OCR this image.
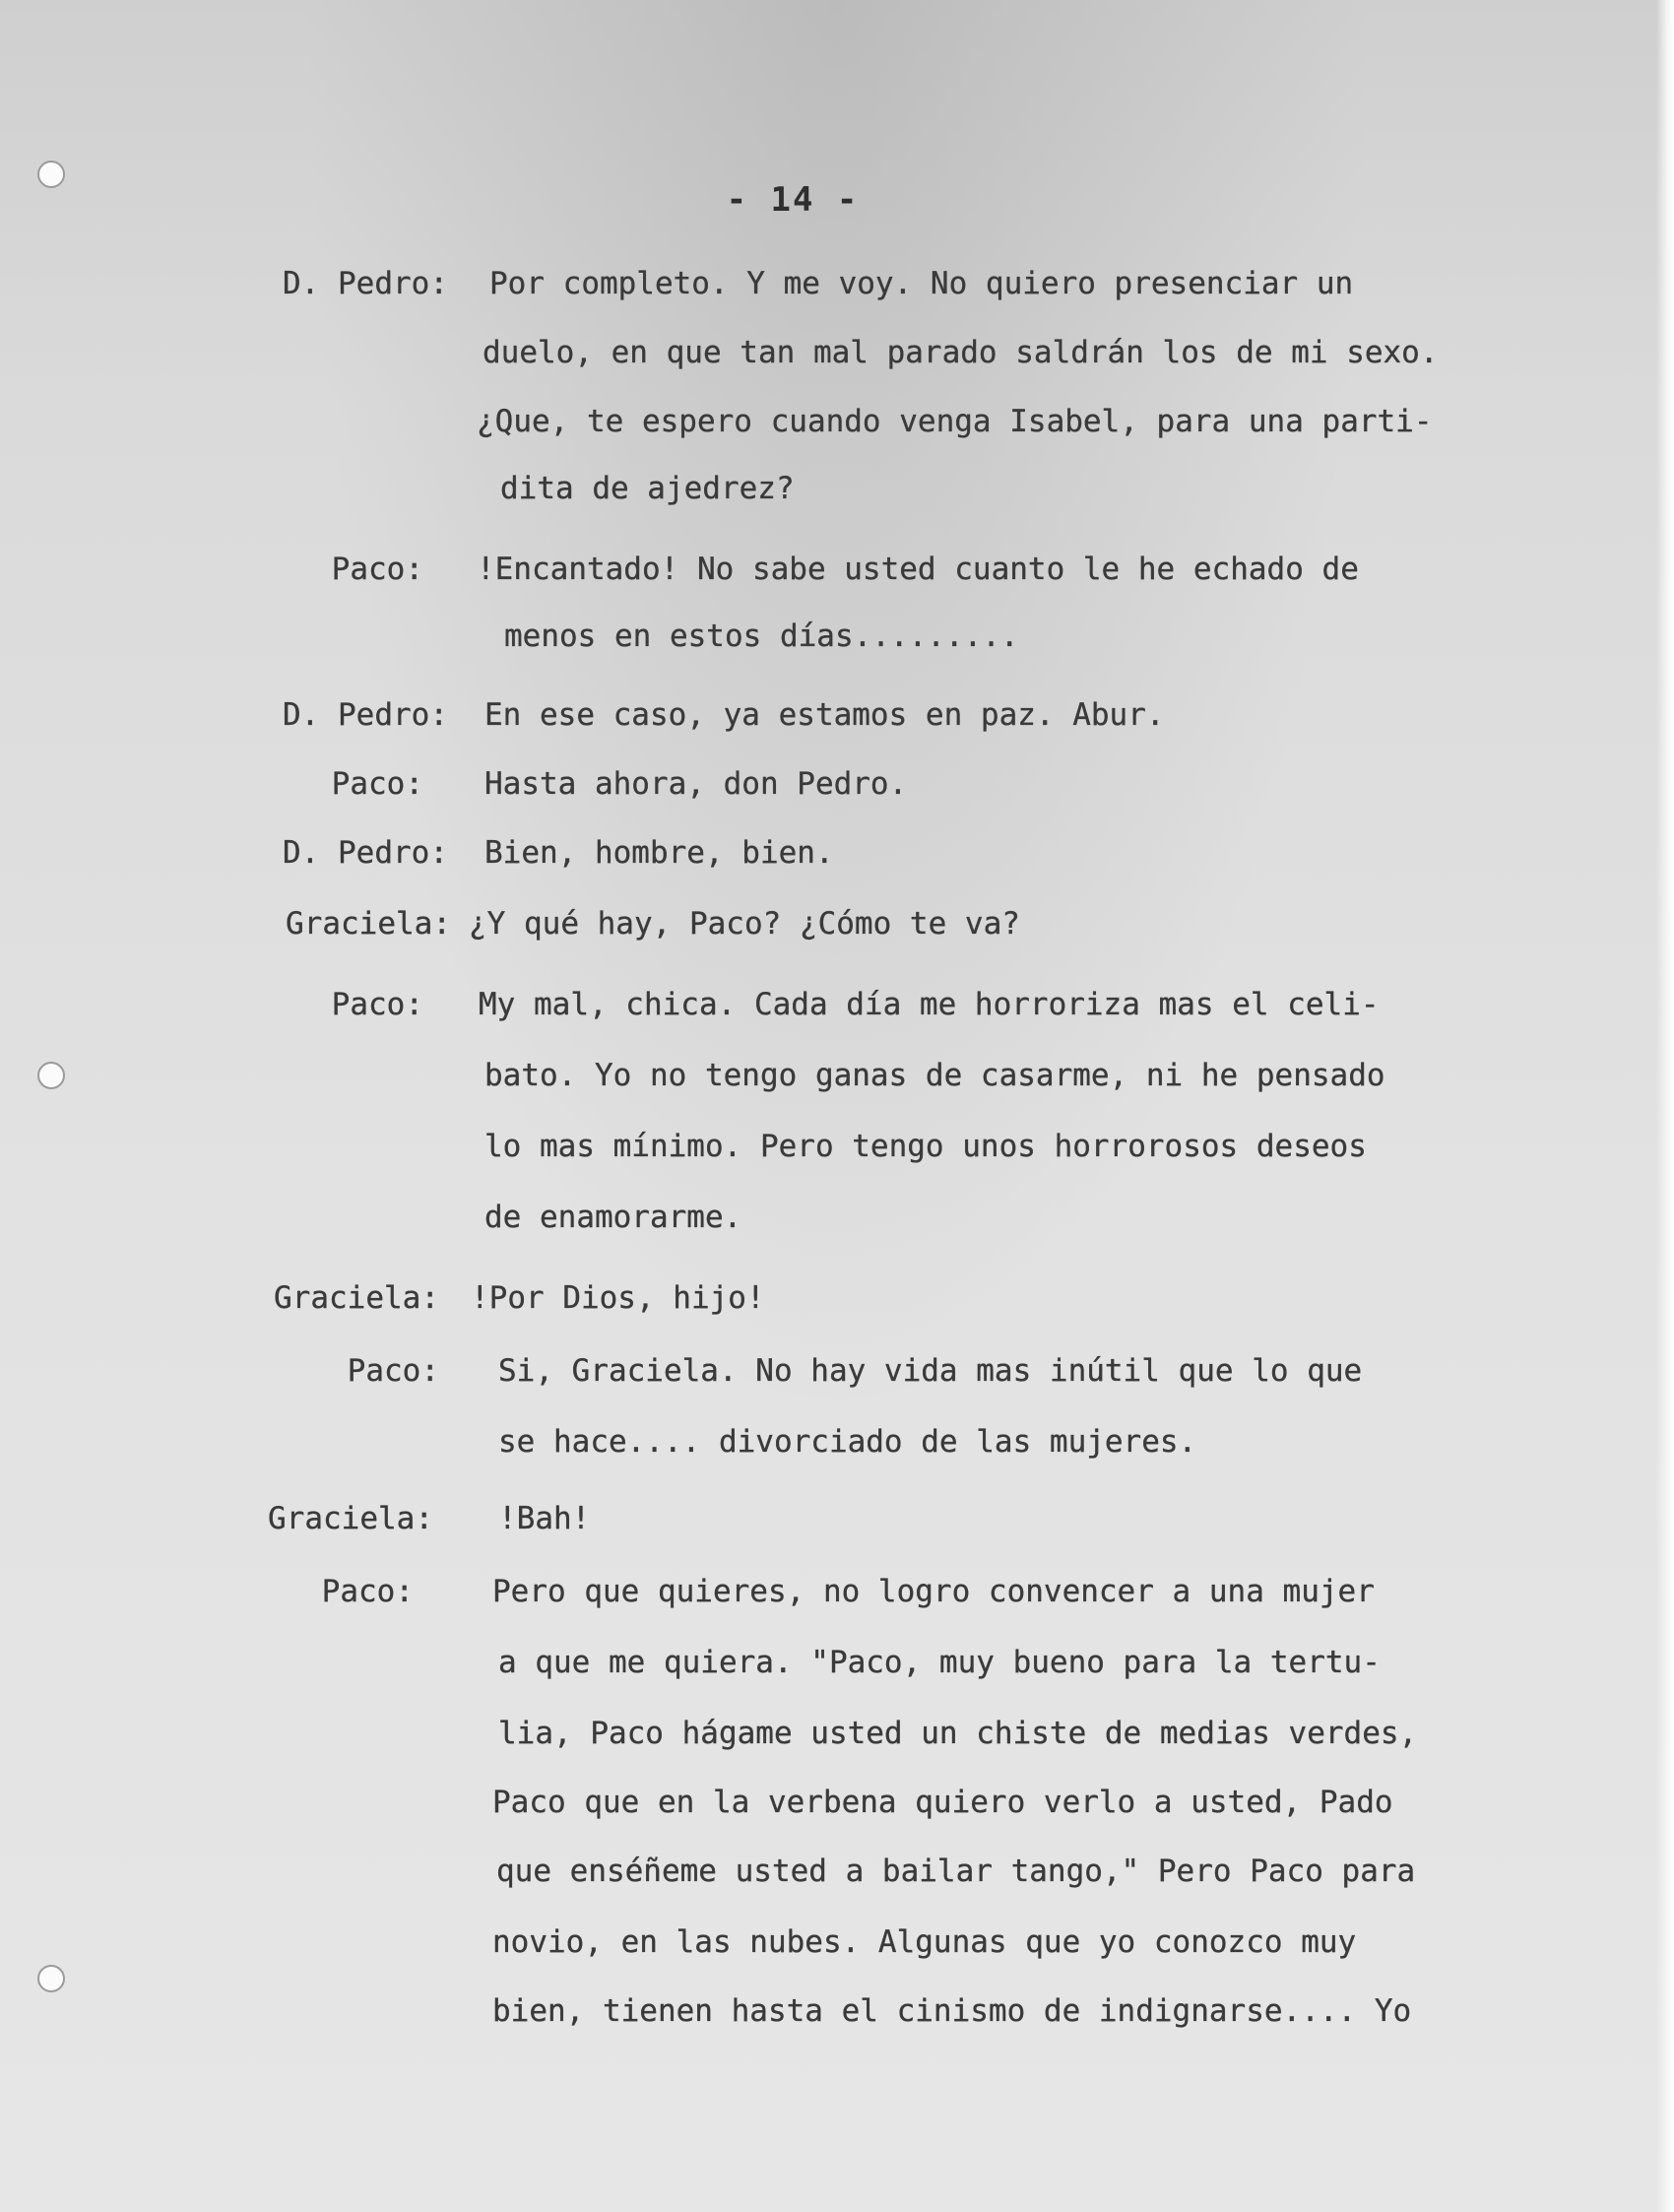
- 14 -
D. Pedro: Por completo. Y me voy. No quiero presenciar un
duelo, en que tan mal parado saldrán los de mi sexo.
¿Que, te espero cuando venga Isabel, para una parti-
dita de ajedrez?
Paco: !Encantado! No sabe usted cuanto le he echado de
menos en estos días.........
D. Pedro: En ese caso, ya estamos en paz. Abur.
Paco: Hasta ahora, don Pedro.
D. Pedro: Bien, hombre, bien.
Graciela: ¿Y qué hay, Paco? ¿Cómo te va?
Paco: My mal, chica. Cada día me horroriza mas el celi-
bato. Yo no tengo ganas de casarme, ni he pensado
lo mas mínimo. Pero tengo unos horrorosos deseos
de enamorarme.
Graciela: !Por Dios, hijo!
Paco: Si, Graciela. No hay vida mas inútil que lo que
se hace.... divorciado de las mujeres.
Graciela: !Bah!
Paco:	Pero que quieres, no logro convencer a una mujer
a que me quiera. "Paco, muy bueno para la tertu-
lia, Paco hágame usted un chiste de medias verdes,
Paco que en la verbena quiero verlo a usted, Pado
que enséñeme usted a bailar tango," Pero Paco para
novio, en las nubes. Algunas que yo conozco muy
bien, tienen hasta el cinismo de indignarse.... Yo
